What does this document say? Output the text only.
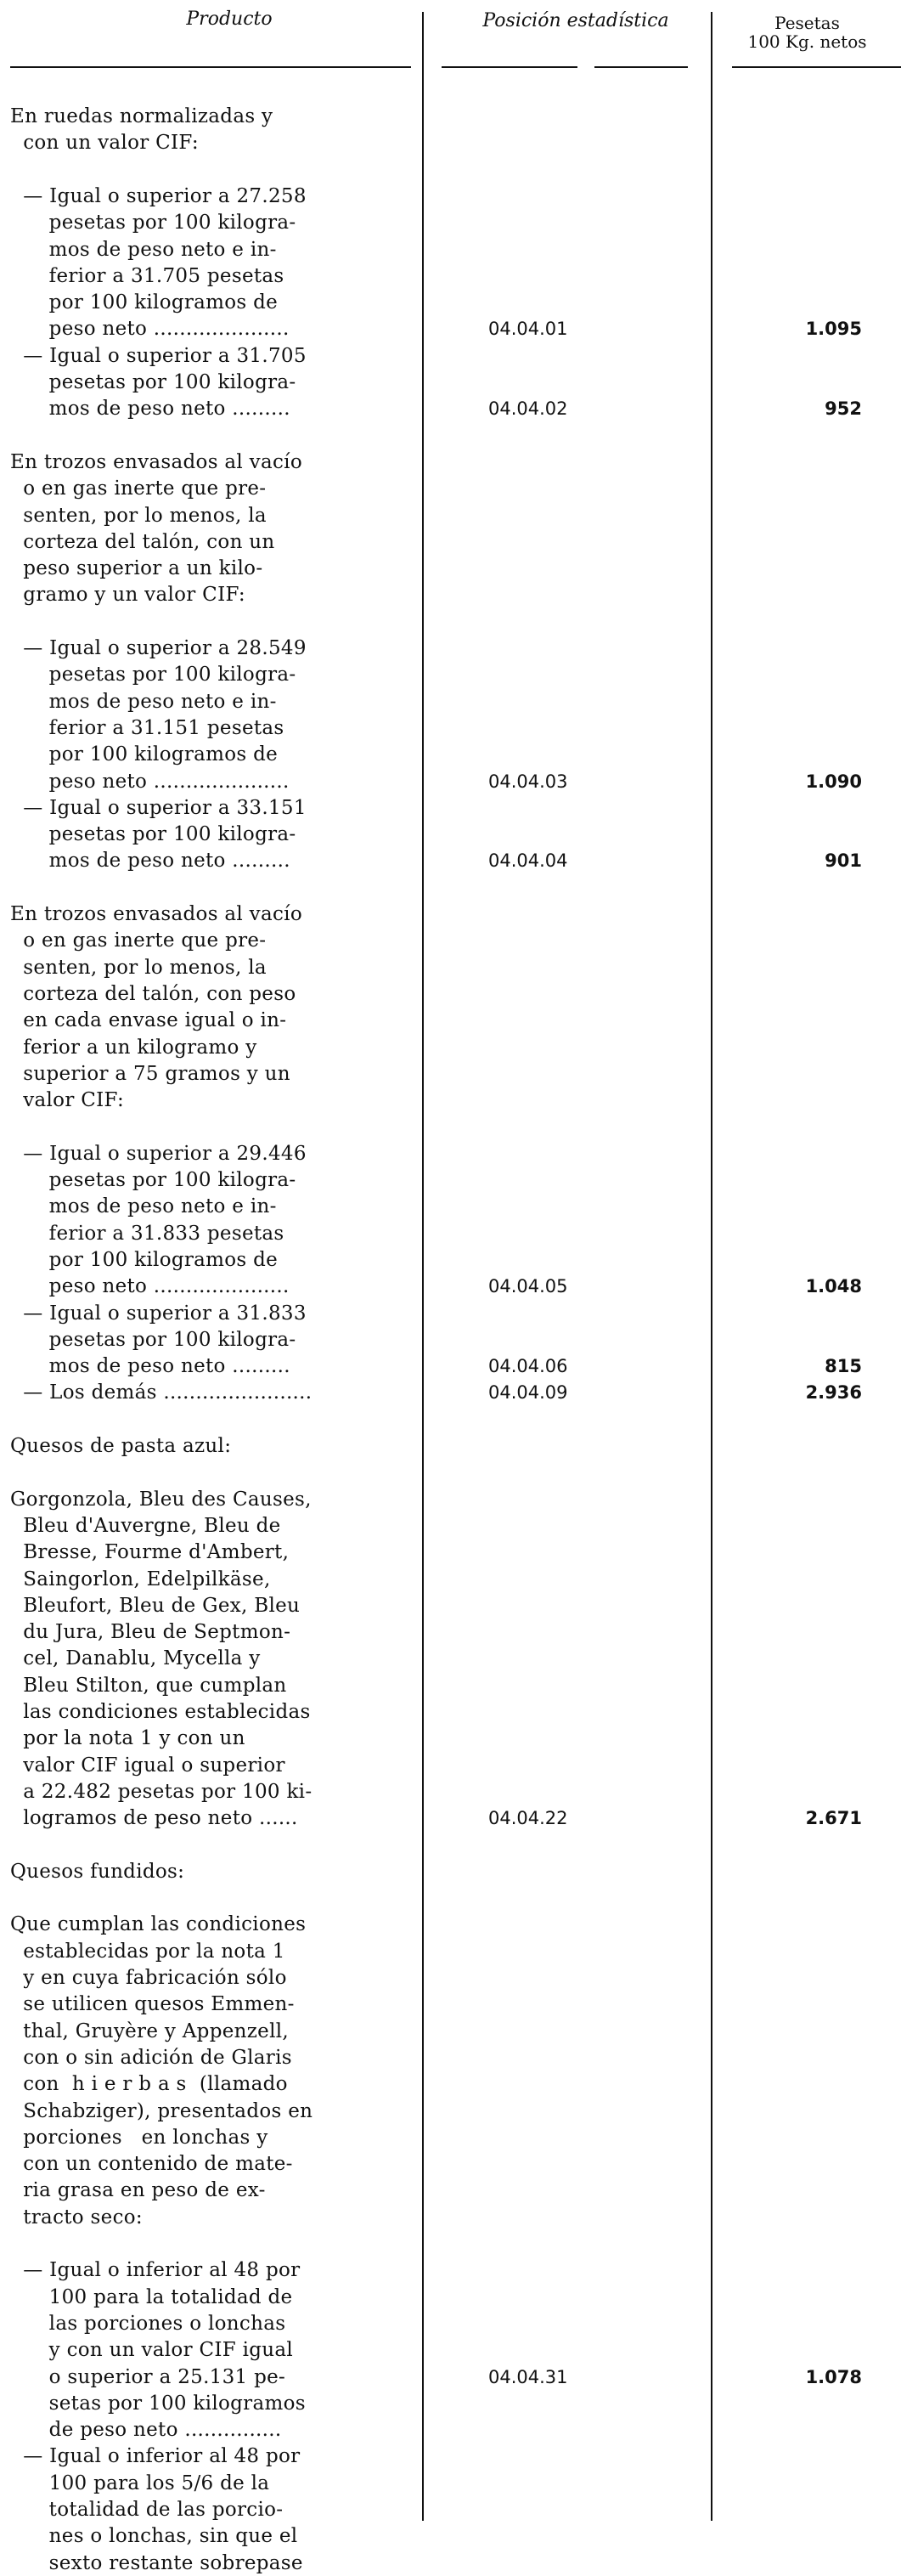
Producto	Posición estadística	Pesetas
100 Kg. netos
En ruedas normalizadas y
con un valor CIF:
— Igual o superior a 27.258
pesetas por 100 kilogra-
mos de peso neto e in-
ferior a 31.705 pesetas
por 100 kilogramos de
peso neto .....................
— Igual o superior a 31.705
pesetas por 100 kilogra-
mos de peso neto .........
En trozos envasados al vacío
o en gas inerte que pre-
senten, por lo menos, la
corteza del talón, con un
peso superior a un kilo-
gramo y un valor CIF:
— Igual o superior a 28.549
pesetas por 100 kilogra-
mos de peso neto e in-
ferior a 31.151 pesetas
por 100 kilogramos de
peso neto .....................
— Igual o superior a 33.151
pesetas por 100 kilogra-
mos de peso neto .........
En trozos envasados al vacío
o en gas inerte que pre-
senten, por lo menos, la
corteza del talón, con peso
en cada envase igual o in-
ferior a un kilogramo y
superior a 75 gramos y un
valor CIF:
— Igual o superior a 29.446
pesetas por 100 kilogra-
mos de peso neto e in-
ferior a 31.833 pesetas
por 100 kilogramos de
peso neto .....................
— Igual o superior a 31.833
pesetas por 100 kilogra-
mos de peso neto .........
— Los demás .......................
Quesos de pasta azul:
Gorgonzola, Bleu des Causes,
Bleu d'Auvergne, Bleu de
Bresse, Fourme d'Ambert,
Saingorlon, Edelpilkäse,
Bleufort, Bleu de Gex, Bleu
du Jura, Bleu de Septmon-
cel, Danablu, Mycella y
Bleu Stilton, que cumplan
las condiciones establecidas
por la nota 1 y con un
valor CIF igual o superior
a 22.482 pesetas por 100 ki-
logramos de peso neto ......
Quesos fundidos:
Que cumplan las condiciones
establecidas por la nota 1
y en cuya fabricación sólo
se utilicen quesos Emmen-
thal, Gruyère y Appenzell,
con o sin adición de Glaris
con  h i e r b a s  (llamado
Schabziger), presentados en
porciones   en lonchas y
con un contenido de mate-
ria grasa en peso de ex-
tracto seco:
— Igual o inferior al 48 por
100 para la totalidad de
las porciones o lonchas
y con un valor CIF igual
o superior a 25.131 pe-
setas por 100 kilogramos
de peso neto ...............
— Igual o inferior al 48 por
100 para los 5/6 de la
totalidad de las porcio-
nes o lonchas, sin que el
sexto restante sobrepase
04.04.01
04.04.02
04.04.03
04.04.04
04.04.05
04.04.06
04.04.09
04.04.22
04.04.31
1.095
952
1.090
901
1.048
815
2.936
2.671
1.078
